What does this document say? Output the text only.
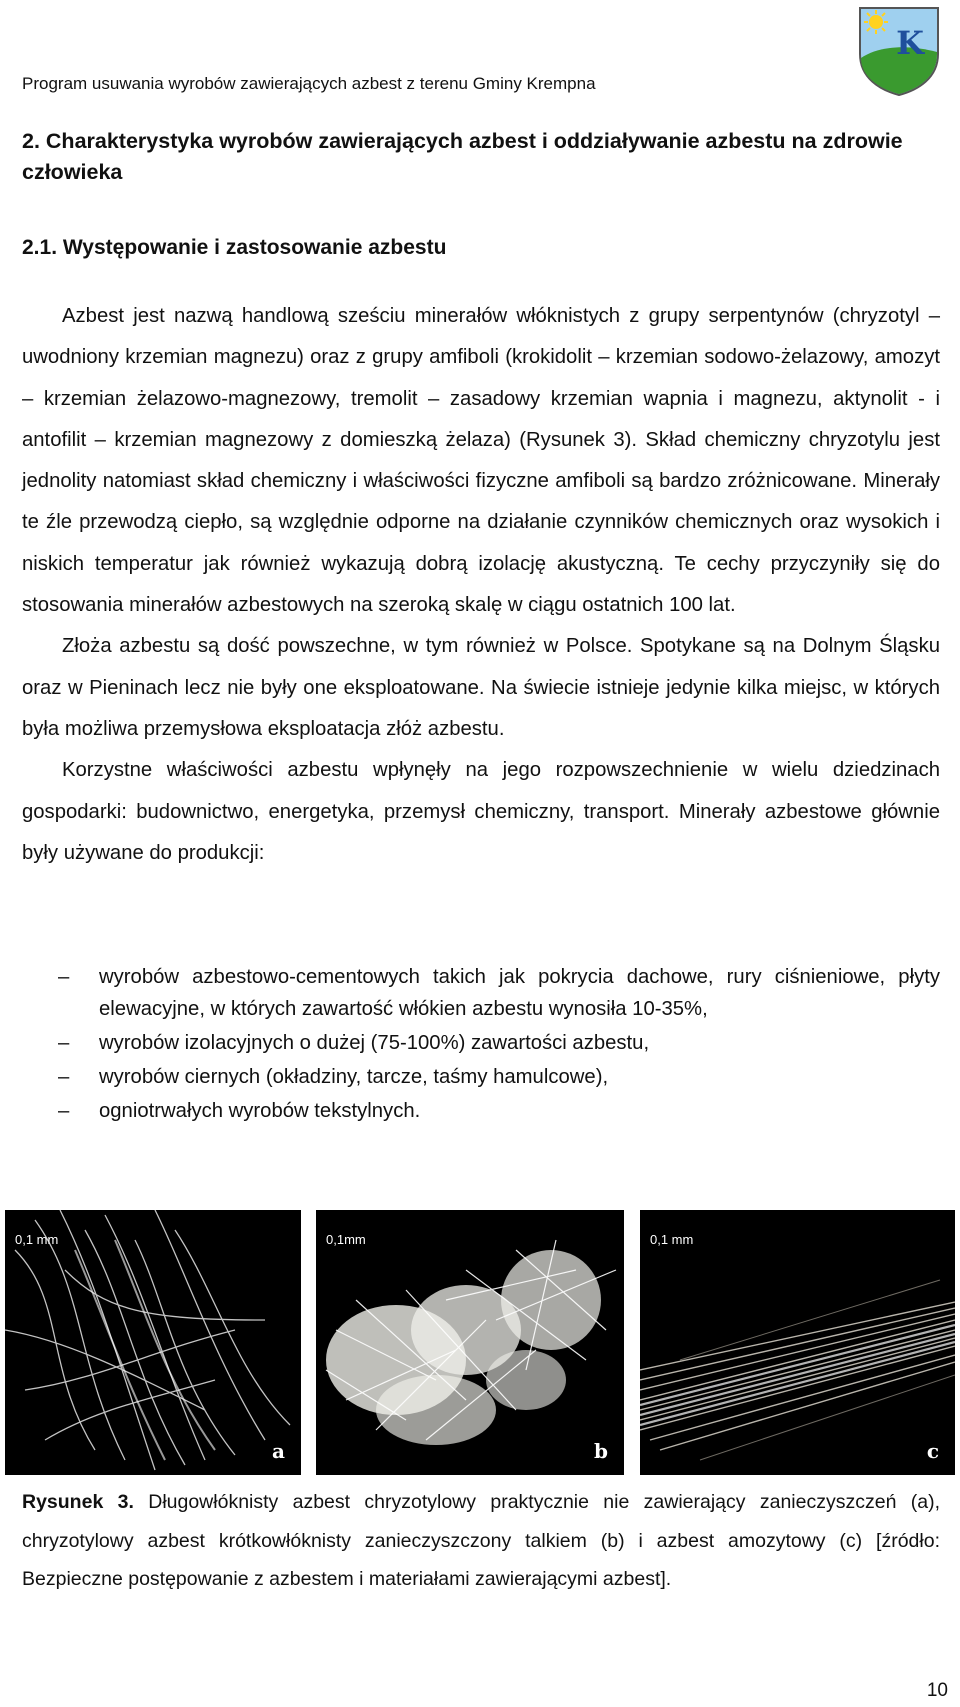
Program usuwania wyrobów zawierających azbest z terenu Gminy Krempna
K
2. Charakterystyka wyrobów zawierających azbest i oddziaływanie azbestu na zdrowie człowieka
2.1. Występowanie i zastosowanie azbestu

Azbest jest nazwą handlową sześciu minerałów włóknistych z grupy serpentynów (chryzotyl – uwodniony krzemian magnezu) oraz z grupy amfiboli (krokidolit – krzemian sodowo-żelazowy, amozyt – krzemian żelazowo-magnezowy, tremolit – zasadowy krzemian wapnia i magnezu, aktynolit - i antofilit – krzemian magnezowy z domieszką żelaza) (Rysunek 3). Skład chemiczny chryzotylu jest jednolity natomiast skład chemiczny i właściwości fizyczne amfiboli są bardzo zróżnicowane. Minerały te źle przewodzą ciepło, są względnie odporne na działanie czynników chemicznych oraz wysokich i niskich temperatur jak również wykazują dobrą izolację akustyczną. Te cechy przyczyniły się do stosowania minerałów azbestowych na szeroką skalę w ciągu ostatnich 100 lat.

Złoża azbestu są dość powszechne, w tym również w Polsce. Spotykane są na Dolnym Śląsku oraz w Pieninach lecz nie były one eksploatowane. Na świecie istnieje jedynie kilka miejsc, w których była możliwa przemysłowa eksploatacja złóż azbestu.

Korzystne właściwości azbestu wpłynęły na jego rozpowszechnienie w wielu dziedzinach gospodarki: budownictwo, energetyka, przemysł chemiczny, transport. Minerały azbestowe głównie były używane do produkcji:

– wyrobów azbestowo-cementowych takich jak pokrycia dachowe, rury ciśnieniowe, płyty elewacyjne, w których zawartość włókien azbestu wynosiła 10-35%,
– wyrobów izolacyjnych o dużej (75-100%) zawartości azbestu,
– wyrobów ciernych (okładziny, tarcze, taśmy hamulcowe),
– ogniotrwałych wyrobów tekstylnych.
0,1 mm
a
0,1mm
b
0,1 mm
c

Rysunek 3. Długowłóknisty azbest chryzotylowy praktycznie nie zawierający zanieczyszczeń (a), chryzotylowy azbest krótkowłóknisty zanieczyszczony talkiem (b) i azbest amozytowy (c) [źródło: Bezpieczne postępowanie z azbestem i materiałami zawierającymi azbest].

10
